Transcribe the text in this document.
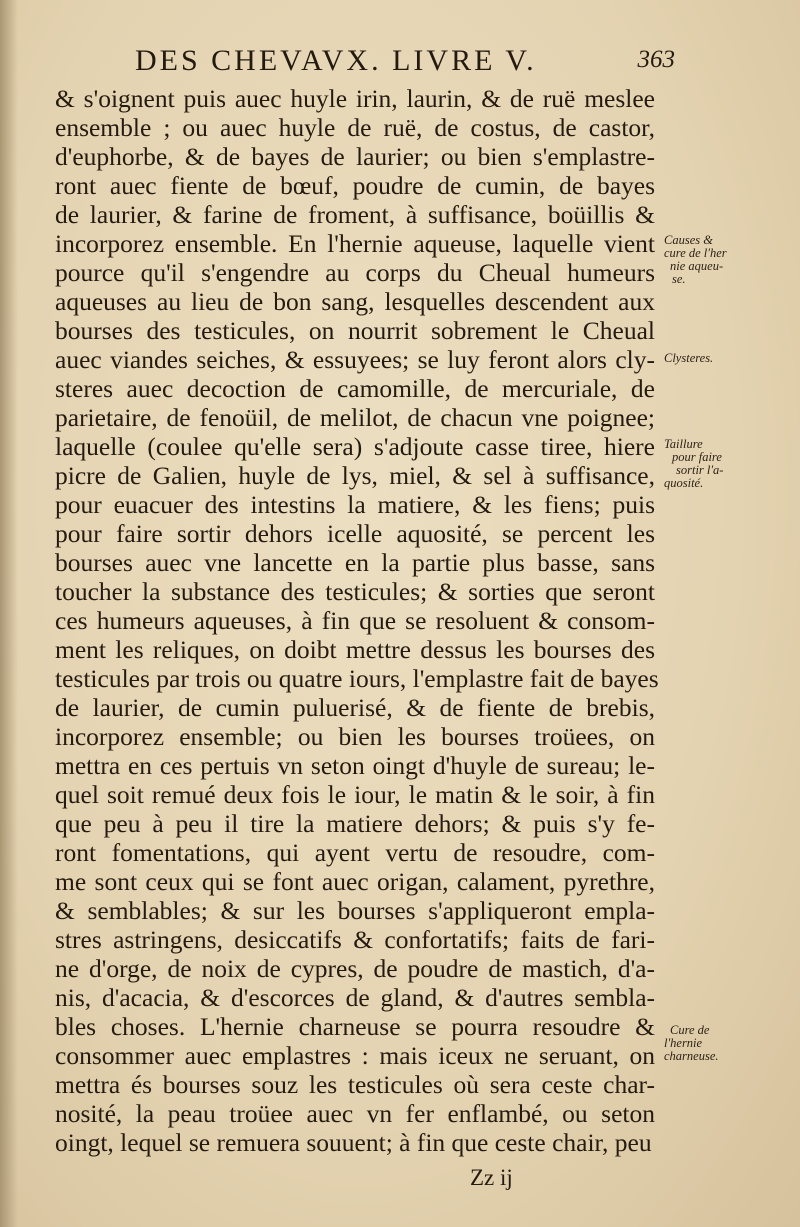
DES CHEVAVX. LIVRE V.	363
& s'oignent puis auec huyle irin, laurin, & de ruë meslee
ensemble ; ou auec huyle de ruë, de costus, de castor,
d'euphorbe, & de bayes de laurier; ou bien s'emplastre-
ront auec fiente de bœuf, poudre de cumin, de bayes
de laurier, & farine de froment, à suffisance, boüillis &
incorporez ensemble. En l'hernie aqueuse, laquelle vient
pource qu'il s'engendre au corps du Cheual humeurs
aqueuses au lieu de bon sang, lesquelles descendent aux
bourses des testicules, on nourrit sobrement le Cheual
auec viandes seiches, & essuyees; se luy feront alors cly-
steres auec decoction de camomille, de mercuriale, de
parietaire, de fenoüil, de melilot, de chacun vne poignee;
laquelle (coulee qu'elle sera) s'adjoute casse tiree, hiere
picre de Galien, huyle de lys, miel, & sel à suffisance,
pour euacuer des intestins la matiere, & les fiens; puis
pour faire sortir dehors icelle aquosité, se percent les
bourses auec vne lancette en la partie plus basse, sans
toucher la substance des testicules; & sorties que seront
ces humeurs aqueuses, à fin que se resoluent & consom-
ment les reliques, on doibt mettre dessus les bourses des
testicules par trois ou quatre iours, l'emplastre fait de bayes
de laurier, de cumin puluerisé, & de fiente de brebis,
incorporez ensemble; ou bien les bourses troüees, on
mettra en ces pertuis vn seton oingt d'huyle de sureau; le-
quel soit remué deux fois le iour, le matin & le soir, à fin
que peu à peu il tire la matiere dehors; & puis s'y fe-
ront fomentations, qui ayent vertu de resoudre, com-
me sont ceux qui se font auec origan, calament, pyrethre,
& semblables; & sur les bourses s'appliqueront empla-
stres astringens, desiccatifs & confortatifs; faits de fari-
ne d'orge, de noix de cypres, de poudre de mastich, d'a-
nis, d'acacia, & d'escorces de gland, & d'autres sembla-
bles choses. L'hernie charneuse se pourra resoudre &
consommer auec emplastres : mais iceux ne seruant, on
mettra és bourses souz les testicules où sera ceste char-
nosité, la peau troüee auec vn fer enflambé, ou seton
oingt, lequel se remuera souuent; à fin que ceste chair, peu
Causes &
cure de l'her
nie aqueu-
se.
Clysteres.
Taillure
pour faire
sortir l'a-
quosité.
Cure de
l'hernie
charneuse.
Zz ij
